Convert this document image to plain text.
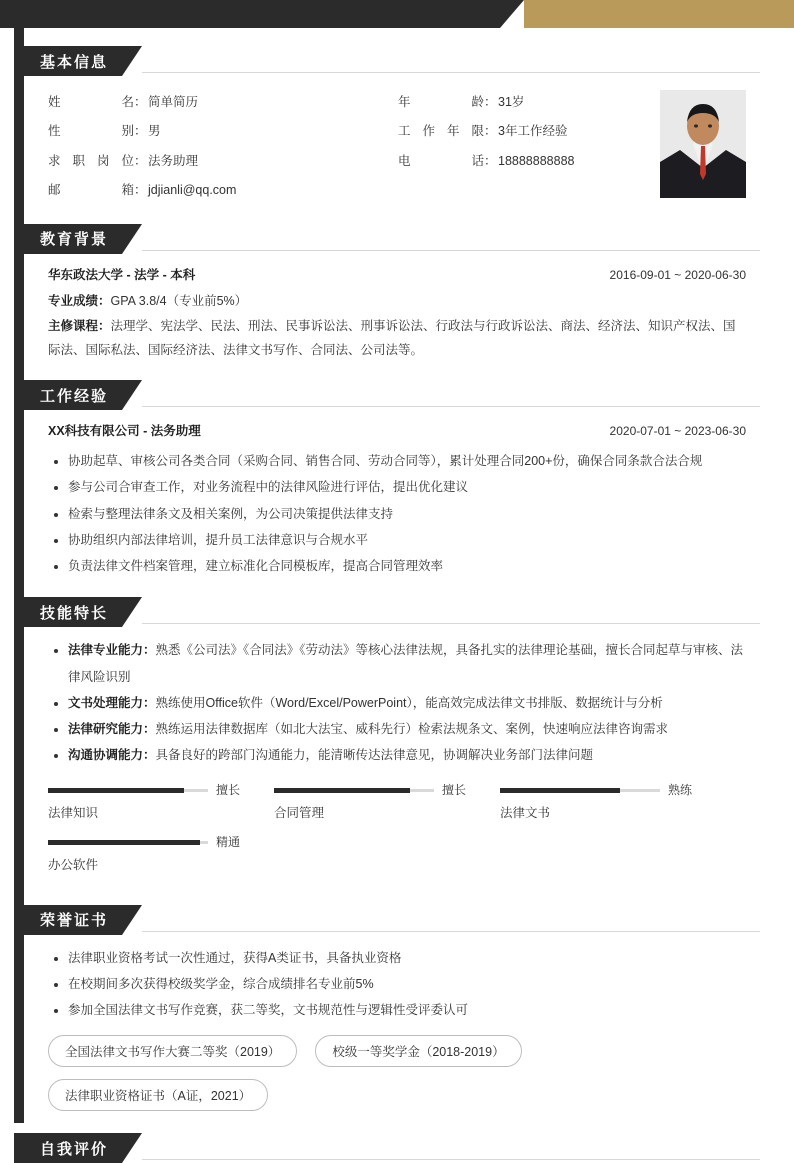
基本信息
姓	名 ： 简单简历
性	别 ： 男
求 职 岗 位 ： 法务助理
邮	箱 ： jdjianli@qq.com
年	龄 ： 31岁
工 作 年 限 ： 3年工作经验
电	话 ： 18888888888
教育背景
华东政法大学 - 法学 - 本科	2016-09-01 ~ 2020-06-30
专业成绩：GPA 3.8/4（专业前5%）
主修课程：法理学、宪法学、民法、刑法、民事诉讼法、刑事诉讼法、行政法与行政诉讼法、商法、经济法、知识产权法、国际法、国际私法、国际经济法、法律文书写作、合同法、公司法等。
工作经验
XX科技有限公司 - 法务助理	2020-07-01 ~ 2023-06-30
• 协助起草、审核公司各类合同（采购合同、销售合同、劳动合同等），累计处理合同200+份，确保合同条款合法合规
• 参与公司合审查工作，对业务流程中的法律风险进行评估，提出优化建议
• 检索与整理法律条文及相关案例，为公司决策提供法律支持
• 协助组织内部法律培训，提升员工法律意识与合规水平
• 负责法律文件档案管理，建立标准化合同模板库，提高合同管理效率
技能特长
• 法律专业能力：熟悉《公司法》《合同法》《劳动法》等核心法律法规，具备扎实的法律理论基础，擅长合同起草与审核、法律风险识别
• 文书处理能力：熟练使用Office软件（Word/Excel/PowerPoint），能高效完成法律文书排版、数据统计与分析
• 法律研究能力：熟练运用法律数据库（如北大法宝、威科先行）检索法规条文、案例，快速响应法律咨询需求
• 沟通协调能力：具备良好的跨部门沟通能力，能清晰传达法律意见，协调解决业务部门法律问题
擅长
法律知识
擅长
合同管理
熟练
法律文书
精通
办公软件
荣誉证书
• 法律职业资格考试一次性通过，获得A类证书，具备执业资格
• 在校期间多次获得校级奖学金，综合成绩排名专业前5%
• 参加全国法律文书写作竞赛，获二等奖，文书规范性与逻辑性受评委认可
全国法律文书写作大赛二等奖（2019）	校级一等奖学金（2018-2019）
法律职业资格证书（A证，2021）
自我评价
